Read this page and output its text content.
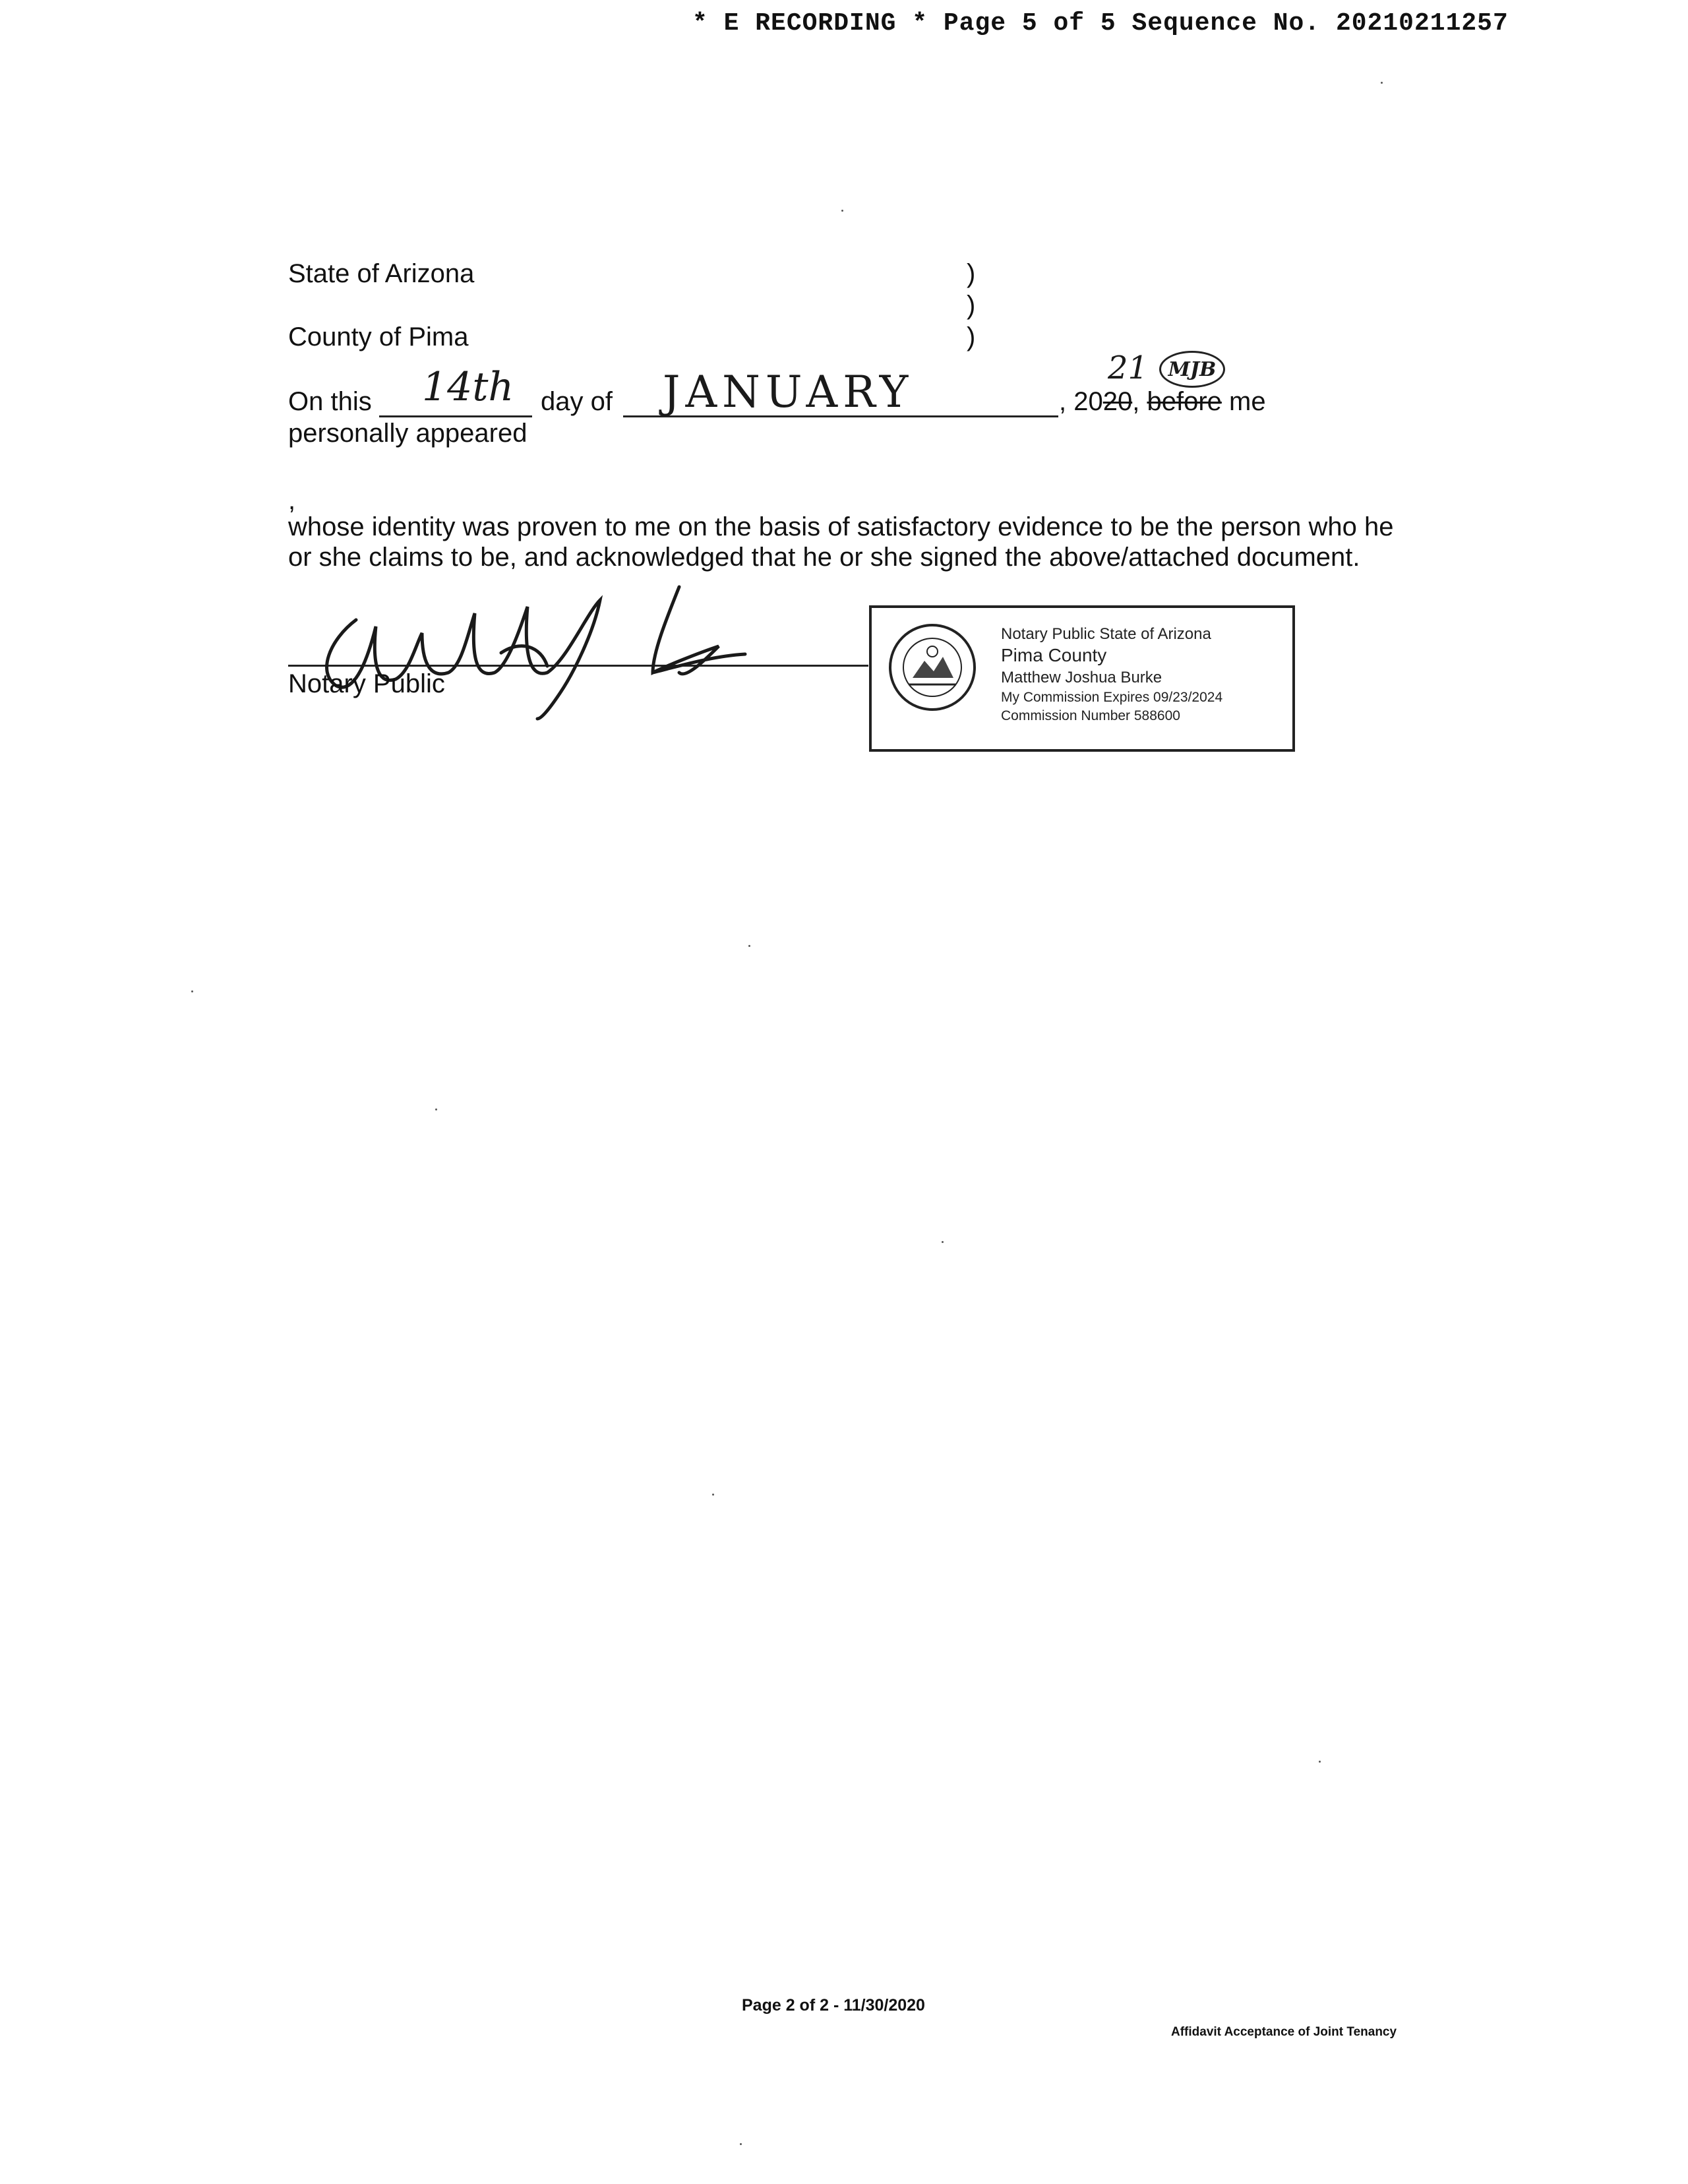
* E RECORDING * Page 5 of 5 Sequence No. 20210211257
State of Arizona
County of Pima
)
)
)
On this 14th day of JANUARY	, 2020, before me
21 MJB
personally appeared
,
whose identity was proven to me on the basis of satisfactory evidence to be the person who he or she claims to be, and acknowledged that he or she signed the above/attached document.
Notary Public
Notary Public State of Arizona
Pima County
Matthew Joshua Burke
My Commission Expires 09/23/2024
Commission Number 588600
Page 2 of 2 - 11/30/2020
Affidavit Acceptance of Joint Tenancy
